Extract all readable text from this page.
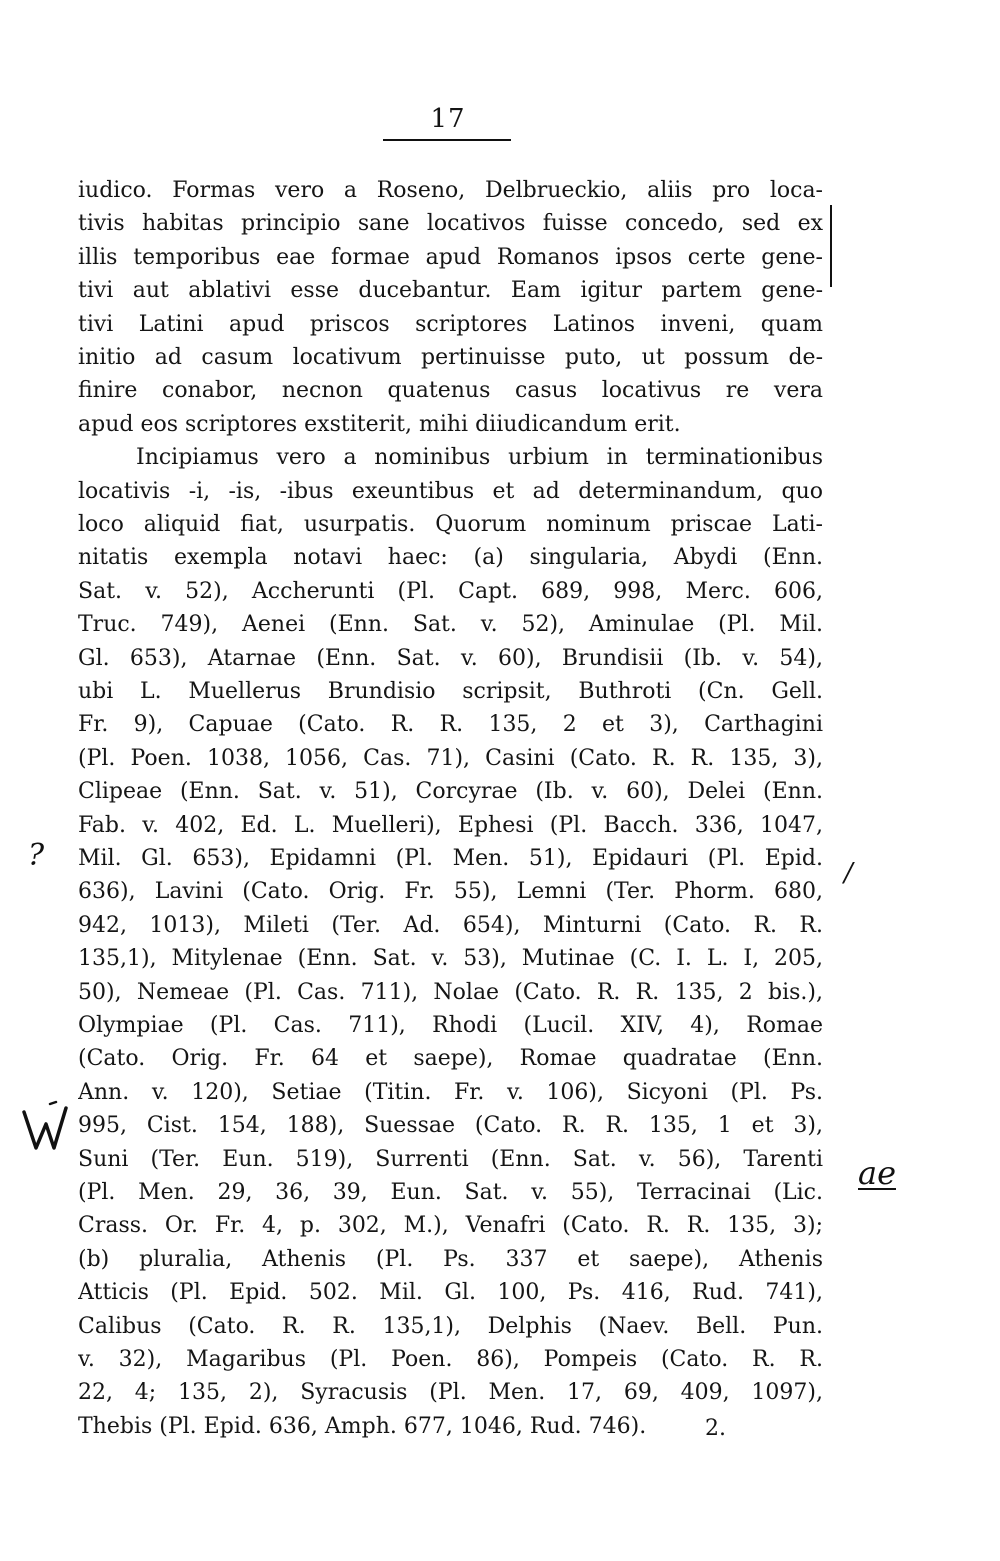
17
iudico. Formas vero a Roseno, Delbrueckio, aliis pro loca-
tivis habitas principio sane locativos fuisse concedo, sed ex
illis temporibus eae formae apud Romanos ipsos certe gene-
tivi aut ablativi esse ducebantur. Eam igitur partem gene-
tivi Latini apud priscos scriptores Latinos inveni, quam
initio ad casum locativum pertinuisse puto, ut possum de-
finire conabor, necnon quatenus casus locativus re vera
apud eos scriptores exstiterit, mihi diiudicandum erit.
Incipiamus vero a nominibus urbium in terminationibus
locativis -i, -is, -ibus exeuntibus et ad determinandum, quo
loco aliquid fiat, usurpatis. Quorum nominum priscae Lati-
nitatis exempla notavi haec: (a) singularia, Abydi (Enn.
Sat. v. 52), Accherunti (Pl. Capt. 689, 998, Merc. 606,
Truc. 749), Aenei (Enn. Sat. v. 52), Aminulae (Pl. Mil.
Gl. 653), Atarnae (Enn. Sat. v. 60), Brundisii (Ib. v. 54),
ubi L. Muellerus Brundisio scripsit, Buthroti (Cn. Gell.
Fr. 9), Capuae (Cato. R. R. 135, 2 et 3), Carthagini
(Pl. Poen. 1038, 1056, Cas. 71), Casini (Cato. R. R. 135, 3),
Clipeae (Enn. Sat. v. 51), Corcyrae (Ib. v. 60), Delei (Enn.
Fab. v. 402, Ed. L. Muelleri), Ephesi (Pl. Bacch. 336, 1047,
Mil. Gl. 653), Epidamni (Pl. Men. 51), Epidauri (Pl. Epid.
636), Lavini (Cato. Orig. Fr. 55), Lemni (Ter. Phorm. 680,
942, 1013), Mileti (Ter. Ad. 654), Minturni (Cato. R. R.
135,1), Mitylenae (Enn. Sat. v. 53), Mutinae (C. I. L. I, 205,
50), Nemeae (Pl. Cas. 711), Nolae (Cato. R. R. 135, 2 bis.),
Olympiae (Pl. Cas. 711), Rhodi (Lucil. XIV, 4), Romae
(Cato. Orig. Fr. 64 et saepe), Romae quadratae (Enn.
Ann. v. 120), Setiae (Titin. Fr. v. 106), Sicyoni (Pl. Ps.
995, Cist. 154, 188), Suessae (Cato. R. R. 135, 1 et 3),
Suni (Ter. Eun. 519), Surrenti (Enn. Sat. v. 56), Tarenti
(Pl. Men. 29, 36, 39, Eun. Sat. v. 55), Terracinai (Lic.
Crass. Or. Fr. 4, p. 302, M.), Venafri (Cato. R. R. 135, 3);
(b) pluralia, Athenis (Pl. Ps. 337 et saepe), Athenis
Atticis (Pl. Epid. 502. Mil. Gl. 100, Ps. 416, Rud. 741),
Calibus (Cato. R. R. 135,1), Delphis (Naev. Bell. Pun.
v. 32), Magaribus (Pl. Poen. 86), Pompeis (Cato. R. R.
22, 4; 135, 2), Syracusis (Pl. Men. 17, 69, 409, 1097),
Thebis (Pl. Epid. 636, Amph. 677, 1046, Rud. 746).
?	/
ae
2.
